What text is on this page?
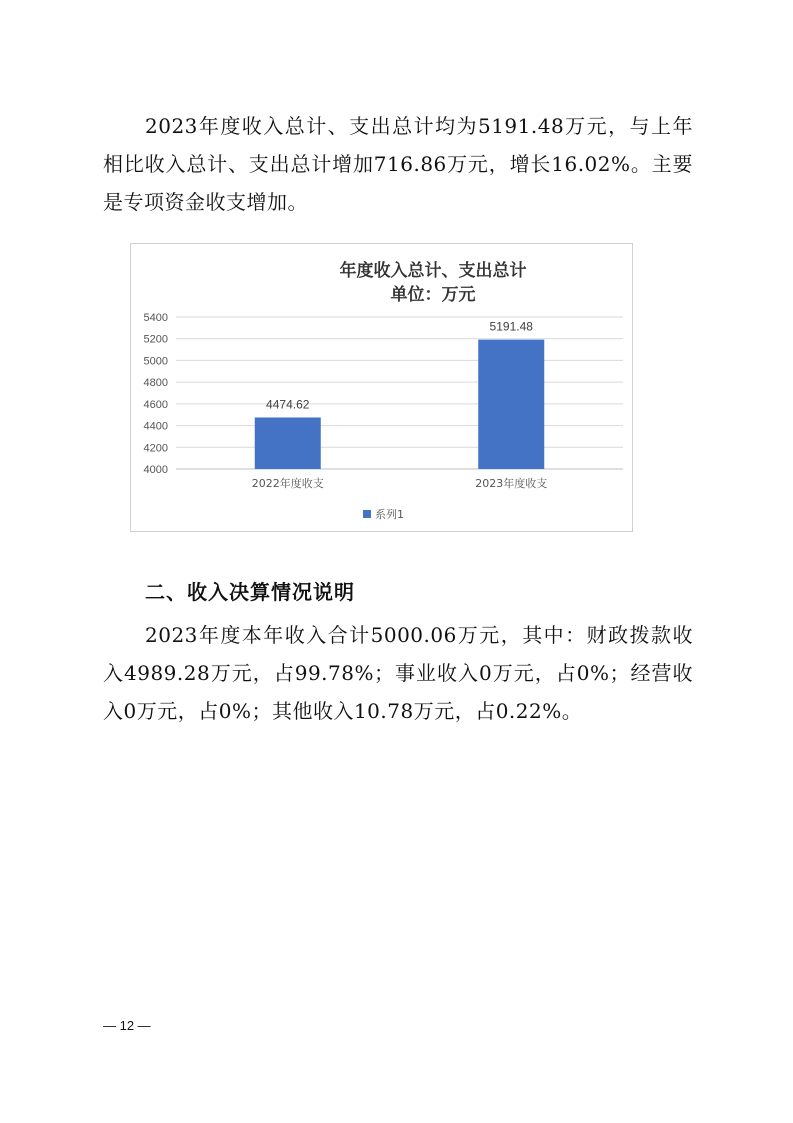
2023年度收入总计、支出总计均为5191.48万元，与上年相比收入总计、支出总计增加716.86万元，增长16.02%。主要是专项资金收支增加。

年度收入总计、支出总计
单位：万元
4000
4200
4400
4600
4800
5000
5200
5400
4474.62
5191.48
2022年度收支	2023年度收支
系列1
二、收入决算情况说明

2023年度本年收入合计5000.06万元，其中：财政拨款收入4989.28万元，占99.78%；事业收入0万元，占0%；经营收入0万元，占0%；其他收入10.78万元，占0.22%。

— 12 —
